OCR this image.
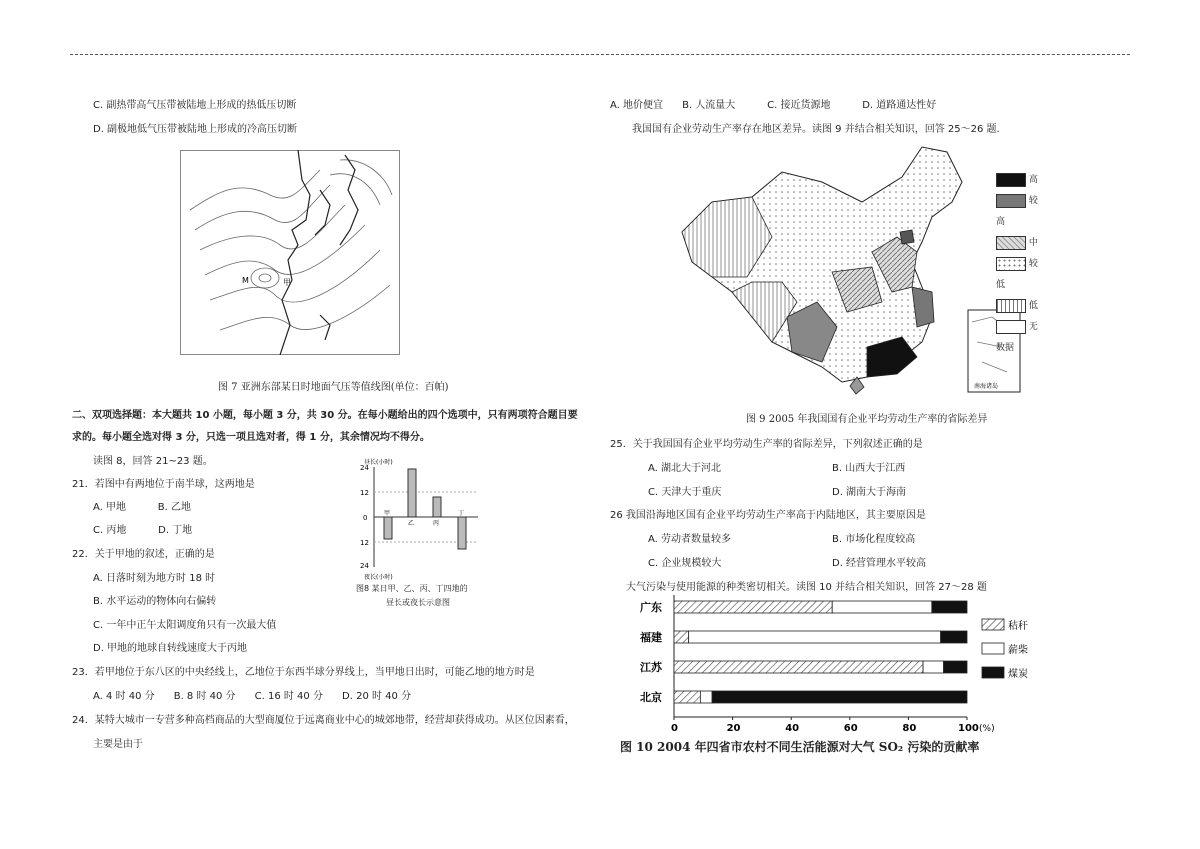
C. 副热带高气压带被陆地上形成的热低压切断
D. 副极地低气压带被陆地上形成的冷高压切断
M	甲
图 7 亚洲东部某日时地面气压等值线图(单位：百帕)
二、双项选择题：本大题共 10 小题，每小题 3 分，共 30 分。在每小题给出的四个选项中，只有两项符合题目要
求的。每小题全选对得 3 分，只选一项且选对者，得 1 分，其余情况均不得分。
读图 8，回答 21~23 题。
21．若图中有两地位于南半球，这两地是
A. 甲地          B. 乙地
C. 丙地          D. 丁地
22．关于甲地的叙述，正确的是
A. 日落时刻为地方时 18 时
B. 水平运动的物体向右偏转
C. 一年中正午太阳调度角只有一次最大值
D. 甲地的地球自转线速度大于丙地
23．若甲地位于东八区的中央经线上，乙地位于东西半球分界线上，当甲地日出时，可能乙地的地方时是
A. 4 时 40 分      B. 8 时 40 分      C. 16 时 40 分      D. 20 时 40 分
24．某特大城市一专营多种高档商品的大型商厦位于远离商业中心的城郊地带，经营却获得成功。从区位因素看，
主要是由于
昼长(小时)
24
12
0
12
24
甲
乙	丙
丁
夜长(小时)
图8 某日甲、乙、丙、丁四地的
昼长或夜长示意图
A. 地价便宜      B. 人流量大          C. 接近货源地          D. 道路通达性好
我国国有企业劳动生产率存在地区差异。读图 9 并结合相关知识，回答 25～26 题.
南海诸岛
高
较高
中
较低
低
无数据
图 9 2005 年我国国有企业平均劳动生产率的省际差异
25．关于我国国有企业平均劳动生产率的省际差异，下列叙述正确的是
A. 湖北大于河北	B. 山西大于江西
C. 天津大于重庆	D. 湖南大于海南
26 我国沿海地区国有企业平均劳动生产率高于内陆地区，其主要原因是
A. 劳动者数量较多	B. 市场化程度较高
C. 企业规模较大	D. 经营管理水平较高
大气污染与使用能源的种类密切相关。读图 10 并结合相关知识，回答 27～28 题
广东
福建
江苏
北京
0	20	40	60	80	100 (%)
秸秆
薪柴
煤炭
图 10 2004 年四省市农村不同生活能源对大气 SO₂ 污染的贡献率
